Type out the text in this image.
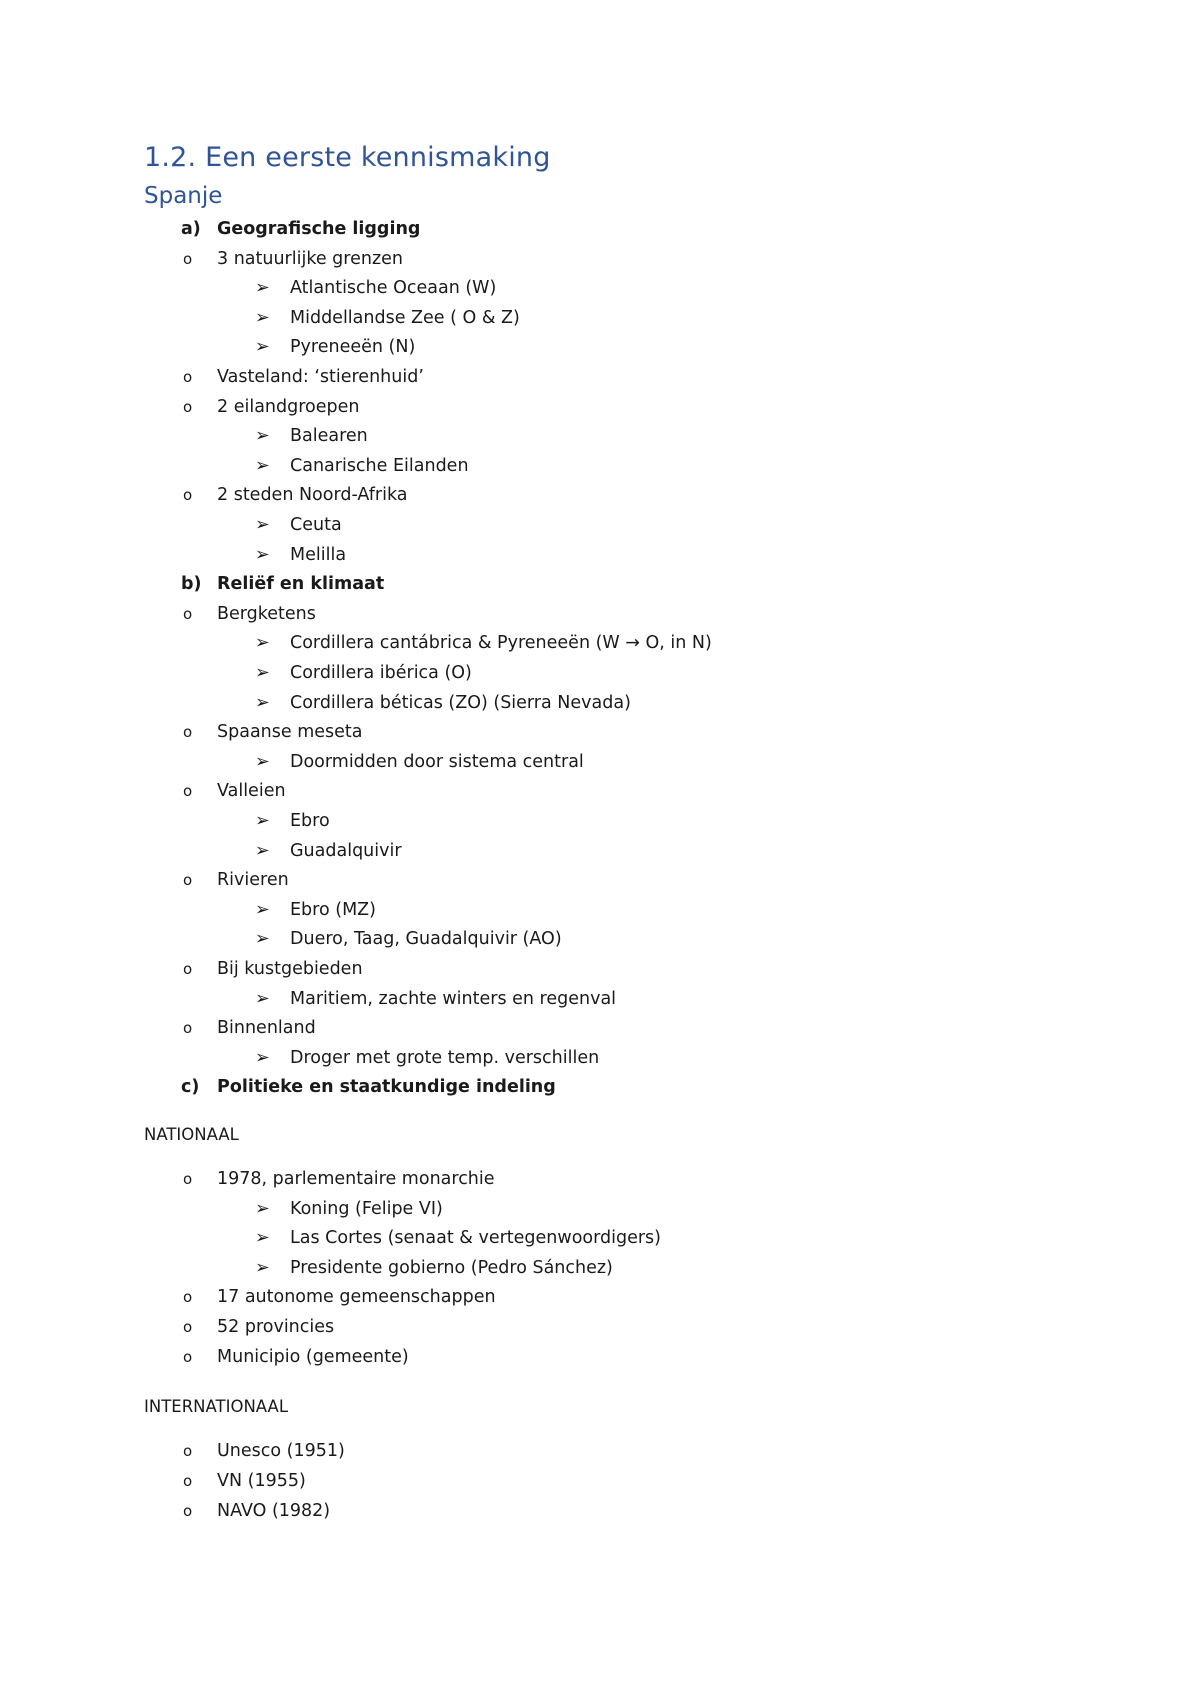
1.2. Een eerste kennismaking
Spanje
a) Geografische ligging
o 3 natuurlijke grenzen
➢ Atlantische Oceaan (W)
➢ Middellandse Zee ( O & Z)
➢ Pyreneeën (N)
o Vasteland: ‘stierenhuid’
o 2 eilandgroepen
➢ Balearen
➢ Canarische Eilanden
o 2 steden Noord-Afrika
➢ Ceuta
➢ Melilla
b) Reliëf en klimaat
o Bergketens
➢ Cordillera cantábrica & Pyreneeën (W → O, in N)
➢ Cordillera ibérica (O)
➢ Cordillera béticas (ZO) (Sierra Nevada)
o Spaanse meseta
➢ Doormidden door sistema central
o Valleien
➢ Ebro
➢ Guadalquivir
o Rivieren
➢ Ebro (MZ)
➢ Duero, Taag, Guadalquivir (AO)
o Bij kustgebieden
➢ Maritiem, zachte winters en regenval
o Binnenland
➢ Droger met grote temp. verschillen
c) Politieke en staatkundige indeling
NATIONAAL
o 1978, parlementaire monarchie
➢ Koning (Felipe VI)
➢ Las Cortes (senaat & vertegenwoordigers)
➢ Presidente gobierno (Pedro Sánchez)
o 17 autonome gemeenschappen
o 52 provincies
o Municipio (gemeente)
INTERNATIONAAL
o Unesco (1951)
o VN (1955)
o NAVO (1982)
